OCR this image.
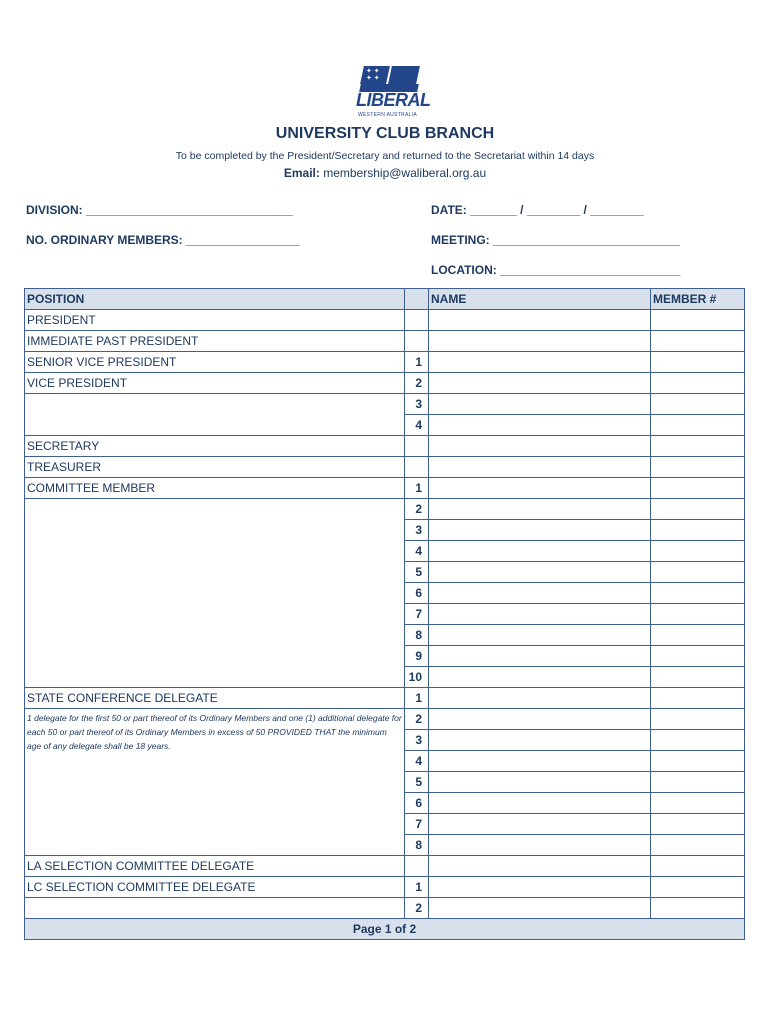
✦ ✦
✦ ✦
LIBERAL
WESTERN AUSTRALIA
UNIVERSITY CLUB BRANCH
To be completed by the President/Secretary and returned to the Secretariat within 14 days
Email: membership@waliberal.org.au
DIVISION: _______________________________	DATE: _______ / ________ / ________
NO. ORDINARY MEMBERS: _________________	MEETING: ____________________________
LOCATION: ___________________________
POSITION		NAME	MEMBER #
PRESIDENT			
IMMEDIATE PAST PRESIDENT			
SENIOR VICE PRESIDENT	1		
VICE PRESIDENT	2		
	3		
	4		
SECRETARY			
TREASURER			
COMMITTEE MEMBER	1		
	2		
	3		
	4		
	5		
	6		
	7		
	8		
	9		
	10		
STATE CONFERENCE DELEGATE	1		
1 delegate for the first 50 or part thereof of its Ordinary Members and one (1) additional delegate for each 50 or part thereof of its Ordinary Members in excess of 50 PROVIDED THAT the minimum age of any delegate shall be 18 years.	2		
	3		
	4		
	5		
	6		
	7		
	8		
LA SELECTION COMMITTEE DELEGATE			
LC SELECTION COMMITTEE DELEGATE	1		
	2		
Page 1 of 2			
